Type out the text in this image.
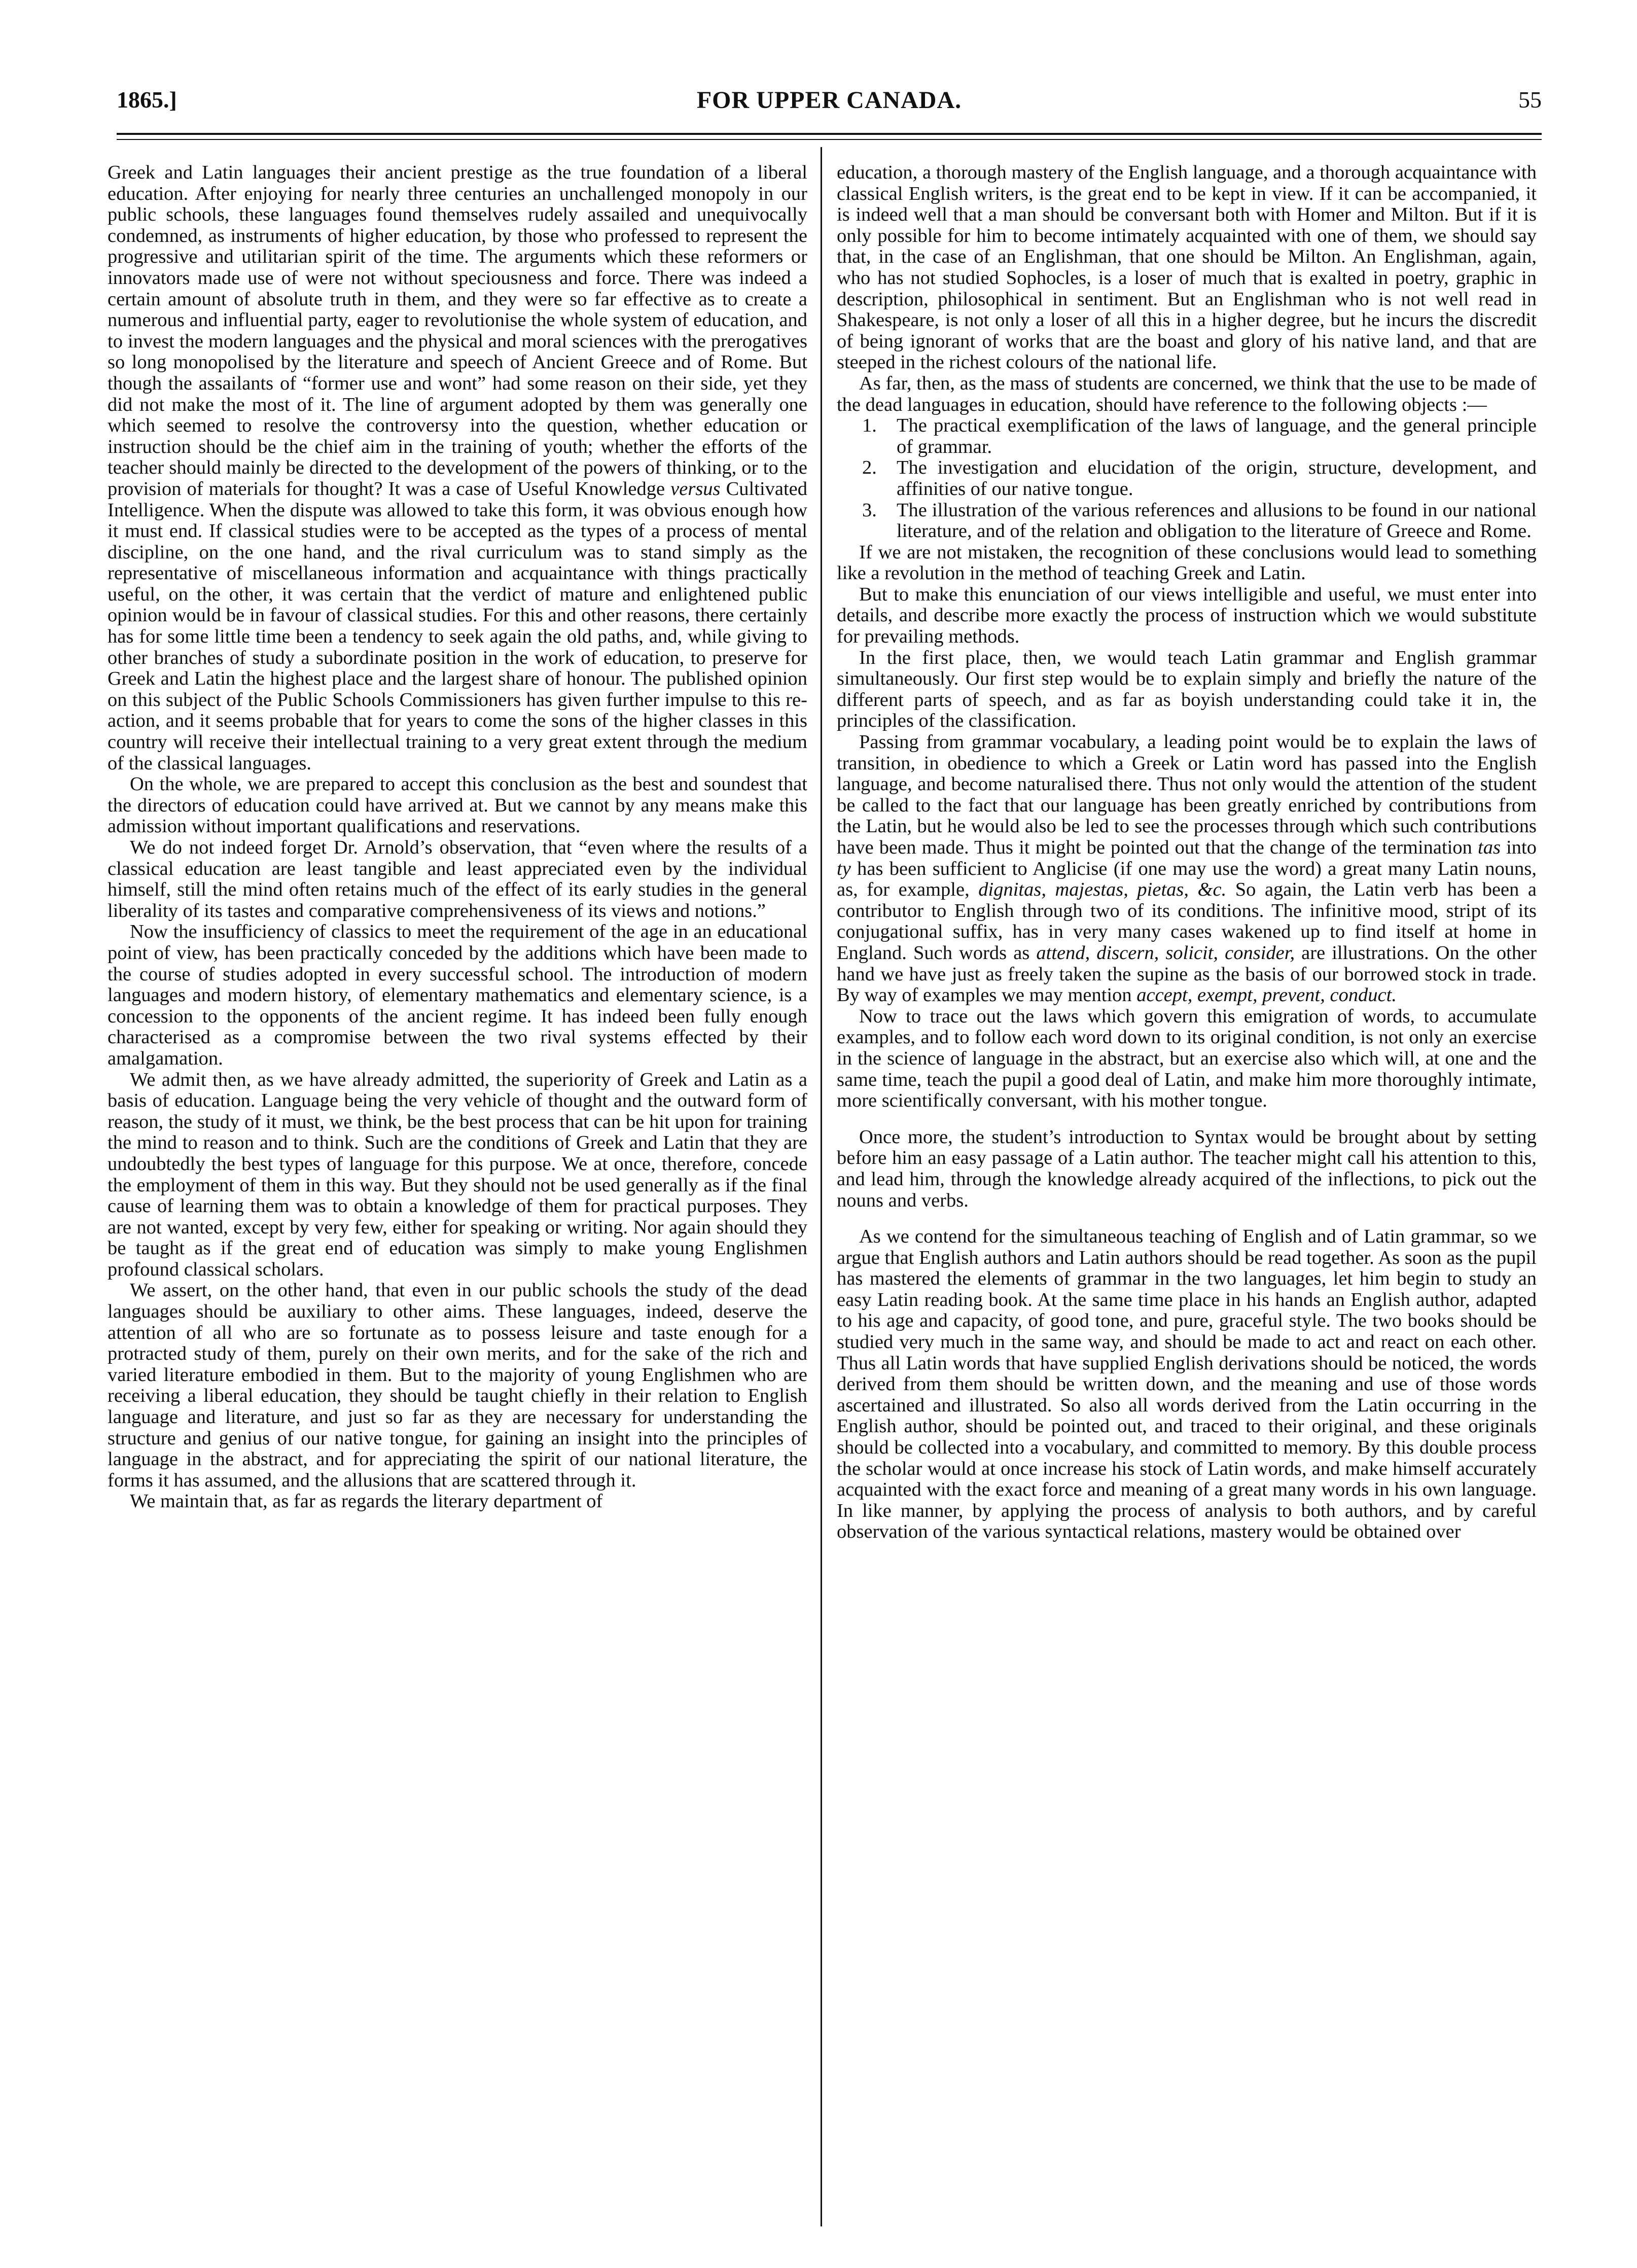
1865.]	FOR UPPER CANADA.	55

Greek and Latin languages their ancient prestige as the true foundation of a liberal education. After enjoying for nearly three centuries an unchallenged monopoly in our public schools, these languages found themselves rudely assailed and unequivocally condemned, as instruments of higher education, by those who professed to represent the progressive and utilitarian spirit of the time. The arguments which these reformers or innovators made use of were not without speciousness and force. There was indeed a certain amount of absolute truth in them, and they were so far effective as to create a numerous and influential party, eager to revolutionise the whole system of education, and to invest the modern languages and the physical and moral sciences with the prerogatives so long monopolised by the literature and speech of Ancient Greece and of Rome. But though the assailants of “former use and wont” had some reason on their side, yet they did not make the most of it. The line of argument adopted by them was generally one which seemed to resolve the controversy into the question, whether education or instruction should be the chief aim in the training of youth; whether the efforts of the teacher should mainly be directed to the development of the powers of thinking, or to the provision of materials for thought? It was a case of Useful Knowledge versus Cultivated Intelligence. When the dispute was allowed to take this form, it was obvious enough how it must end. If classical studies were to be accepted as the types of a process of mental discipline, on the one hand, and the rival curriculum was to stand simply as the representative of miscellaneous information and acquaintance with things practically useful, on the other, it was certain that the verdict of mature and enlightened public opinion would be in favour of classical studies. For this and other reasons, there certainly has for some little time been a tendency to seek again the old paths, and, while giving to other branches of study a subordinate position in the work of education, to preserve for Greek and Latin the highest place and the largest share of honour. The published opinion on this subject of the Public Schools Commissioners has given further impulse to this re-action, and it seems probable that for years to come the sons of the higher classes in this country will receive their intellectual training to a very great extent through the medium of the classical languages.

On the whole, we are prepared to accept this conclusion as the best and soundest that the directors of education could have arrived at. But we cannot by any means make this admission without important qualifications and reservations.

We do not indeed forget Dr. Arnold’s observation, that “even where the results of a classical education are least tangible and least appreciated even by the individual himself, still the mind often retains much of the effect of its early studies in the general liberality of its tastes and comparative comprehensiveness of its views and notions.”

Now the insufficiency of classics to meet the requirement of the age in an educational point of view, has been practically conceded by the additions which have been made to the course of studies adopted in every successful school. The introduction of modern languages and modern history, of elementary mathematics and elementary science, is a concession to the opponents of the ancient regime. It has indeed been fully enough characterised as a compromise between the two rival systems effected by their amalgamation.

We admit then, as we have already admitted, the superiority of Greek and Latin as a basis of education. Language being the very vehicle of thought and the outward form of reason, the study of it must, we think, be the best process that can be hit upon for training the mind to reason and to think. Such are the conditions of Greek and Latin that they are undoubtedly the best types of language for this purpose. We at once, therefore, concede the employment of them in this way. But they should not be used generally as if the final cause of learning them was to obtain a knowledge of them for practical purposes. They are not wanted, except by very few, either for speaking or writing. Nor again should they be taught as if the great end of education was simply to make young Englishmen profound classical scholars.

We assert, on the other hand, that even in our public schools the study of the dead languages should be auxiliary to other aims. These languages, indeed, deserve the attention of all who are so fortunate as to possess leisure and taste enough for a protracted study of them, purely on their own merits, and for the sake of the rich and varied literature embodied in them. But to the majority of young Englishmen who are receiving a liberal education, they should be taught chiefly in their relation to English language and literature, and just so far as they are necessary for understanding the structure and genius of our native tongue, for gaining an insight into the principles of language in the abstract, and for appreciating the spirit of our national literature, the forms it has assumed, and the allusions that are scattered through it.

We maintain that, as far as regards the literary department of

education, a thorough mastery of the English language, and a thorough acquaintance with classical English writers, is the great end to be kept in view. If it can be accompanied, it is indeed well that a man should be conversant both with Homer and Milton. But if it is only possible for him to become intimately acquainted with one of them, we should say that, in the case of an Englishman, that one should be Milton. An Englishman, again, who has not studied Sophocles, is a loser of much that is exalted in poetry, graphic in description, philosophical in sentiment. But an Englishman who is not well read in Shakespeare, is not only a loser of all this in a higher degree, but he incurs the discredit of being ignorant of works that are the boast and glory of his native land, and that are steeped in the richest colours of the national life.

As far, then, as the mass of students are concerned, we think that the use to be made of the dead languages in education, should have reference to the following objects :—

1. The practical exemplification of the laws of language, and the general principle of grammar.
2. The investigation and elucidation of the origin, structure, development, and affinities of our native tongue.
3. The illustration of the various references and allusions to be found in our national literature, and of the relation and obligation to the literature of Greece and Rome.

If we are not mistaken, the recognition of these conclusions would lead to something like a revolution in the method of teaching Greek and Latin.

But to make this enunciation of our views intelligible and useful, we must enter into details, and describe more exactly the process of instruction which we would substitute for prevailing methods.

In the first place, then, we would teach Latin grammar and English grammar simultaneously. Our first step would be to explain simply and briefly the nature of the different parts of speech, and as far as boyish understanding could take it in, the principles of the classification.

Passing from grammar vocabulary, a leading point would be to explain the laws of transition, in obedience to which a Greek or Latin word has passed into the English language, and become naturalised there. Thus not only would the attention of the student be called to the fact that our language has been greatly enriched by contributions from the Latin, but he would also be led to see the processes through which such contributions have been made. Thus it might be pointed out that the change of the termination tas into ty has been sufficient to Anglicise (if one may use the word) a great many Latin nouns, as, for example, dignitas, majestas, pietas, &c. So again, the Latin verb has been a contributor to English through two of its conditions. The infinitive mood, stript of its conjugational suffix, has in very many cases wakened up to find itself at home in England. Such words as attend, discern, solicit, consider, are illustrations. On the other hand we have just as freely taken the supine as the basis of our borrowed stock in trade. By way of examples we may mention accept, exempt, prevent, conduct.

Now to trace out the laws which govern this emigration of words, to accumulate examples, and to follow each word down to its original condition, is not only an exercise in the science of language in the abstract, but an exercise also which will, at one and the same time, teach the pupil a good deal of Latin, and make him more thoroughly intimate, more scientifically conversant, with his mother tongue.

Once more, the student’s introduction to Syntax would be brought about by setting before him an easy passage of a Latin author. The teacher might call his attention to this, and lead him, through the knowledge already acquired of the inflections, to pick out the nouns and verbs.

As we contend for the simultaneous teaching of English and of Latin grammar, so we argue that English authors and Latin authors should be read together. As soon as the pupil has mastered the elements of grammar in the two languages, let him begin to study an easy Latin reading book. At the same time place in his hands an English author, adapted to his age and capacity, of good tone, and pure, graceful style. The two books should be studied very much in the same way, and should be made to act and react on each other. Thus all Latin words that have supplied English derivations should be noticed, the words derived from them should be written down, and the meaning and use of those words ascertained and illustrated. So also all words derived from the Latin occurring in the English author, should be pointed out, and traced to their original, and these originals should be collected into a vocabulary, and committed to memory. By this double process the scholar would at once increase his stock of Latin words, and make himself accurately acquainted with the exact force and meaning of a great many words in his own language. In like manner, by applying the process of analysis to both authors, and by careful observation of the various syntactical relations, mastery would be obtained over
